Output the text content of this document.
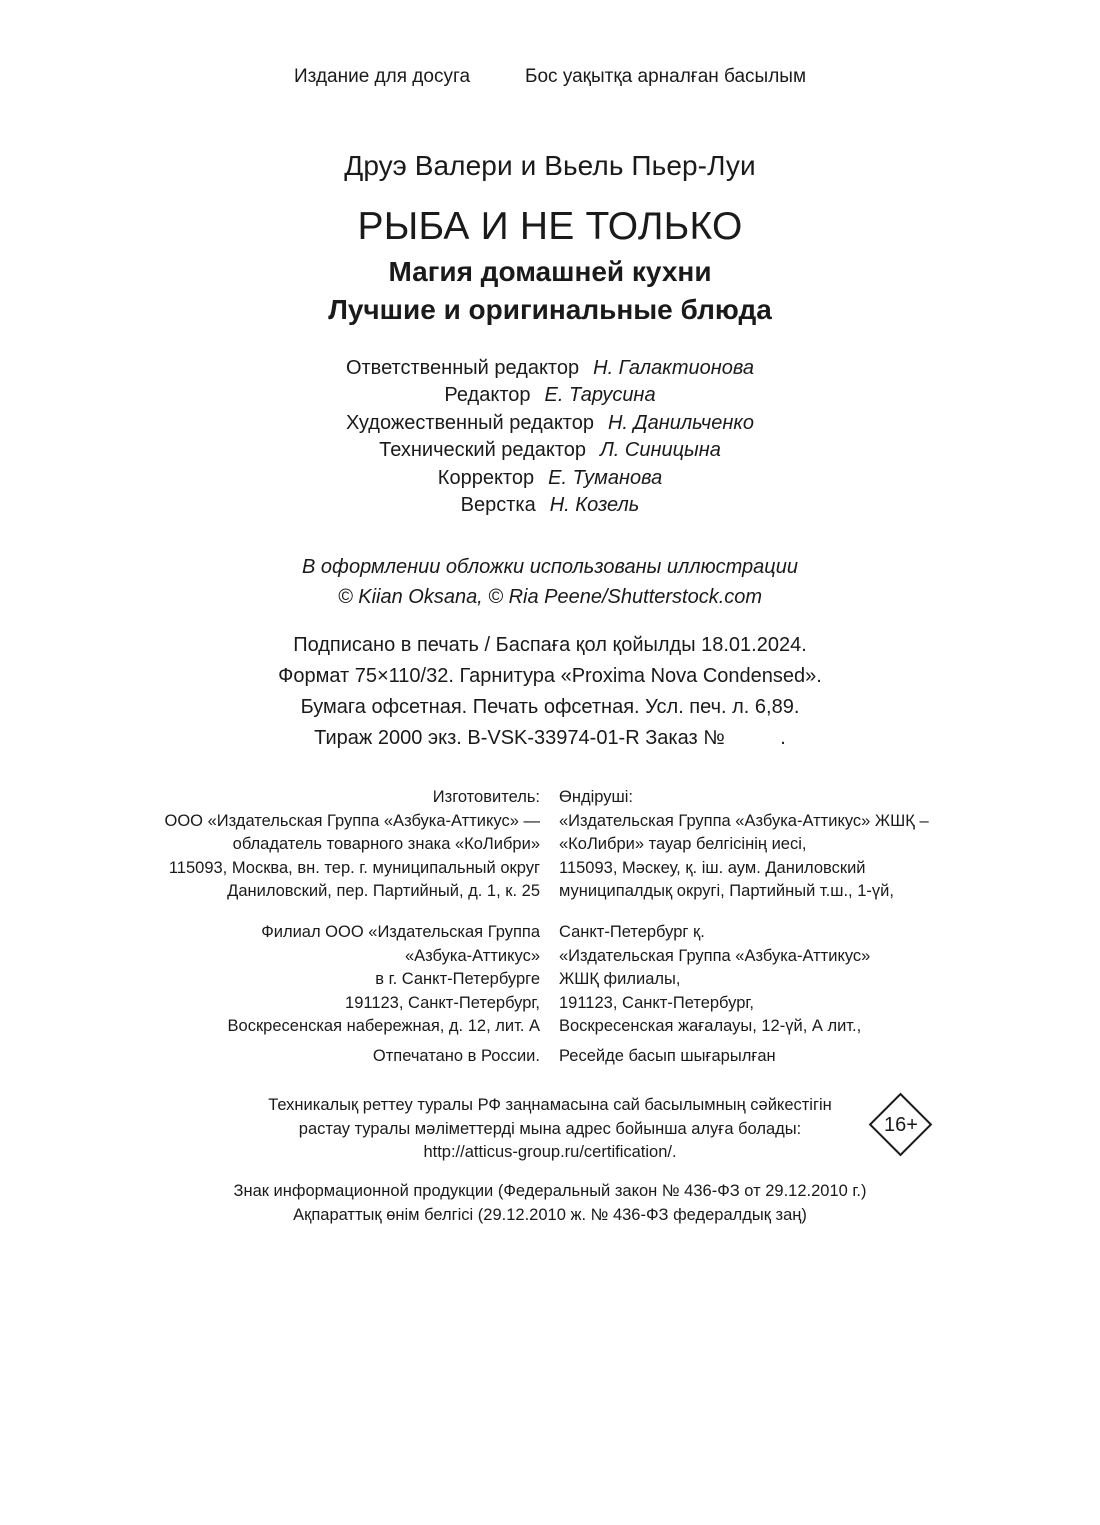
Издание для досуга	Бос уақытқа арналған басылым
Друэ Валери и Вьель Пьер-Луи
РЫБА И НЕ ТОЛЬКО
Магия домашней кухни
Лучшие и оригинальные блюда
Ответственный редактор Н. Галактионова
Редактор Е. Тарусина
Художественный редактор Н. Данильченко
Технический редактор Л. Синицына
Корректор Е. Туманова
Верстка Н. Козель
В оформлении обложки использованы иллюстрации
© Kiian Oksana, © Ria Peene/Shutterstock.com
Подписано в печать / Баспаға қол қойылды 18.01.2024.
Формат 75×110/32. Гарнитура «Proxima Nova Condensed».
Бумага офсетная. Печать офсетная. Усл. печ. л. 6,89.
Тираж 2000 экз. B-VSK-33974-01-R Заказ №          .
Изготовитель:
ООО «Издательская Группа «Азбука-Аттикус» —
обладатель товарного знака «КоЛибри»
115093, Москва, вн. тер. г. муниципальный округ
Даниловский, пер. Партийный, д. 1, к. 25
Өндіруші:
«Издательская Группа «Азбука-Аттикус» ЖШҚ –
«КоЛибри» тауар белгісінің иесі,
115093, Мәскеу, қ. іш. аум. Даниловский
муниципалдық округі, Партийный т.ш., 1-үй,
Филиал ООО «Издательская Группа
«Азбука-Аттикус»
в г. Санкт-Петербурге
191123, Санкт-Петербург,
Воскресенская набережная, д. 12, лит. А
Санкт-Петербург қ.
«Издательская Группа «Азбука-Аттикус»
ЖШҚ филиалы,
191123, Санкт-Петербург,
Воскресенская жағалауы, 12-үй, А лит.,
Отпечатано в России. Ресейде басып шығарылған
Техникалық реттеу туралы РФ заңнамасына сай басылымның сәйкестігін
растау туралы мәліметтерді мына адрес бойынша алуға болады:
http://atticus-group.ru/certification/.
16+
Знак информационной продукции (Федеральный закон № 436-ФЗ от 29.12.2010 г.)
Ақпараттық өнім белгісі (29.12.2010 ж. № 436-ФЗ федералдық заң)
